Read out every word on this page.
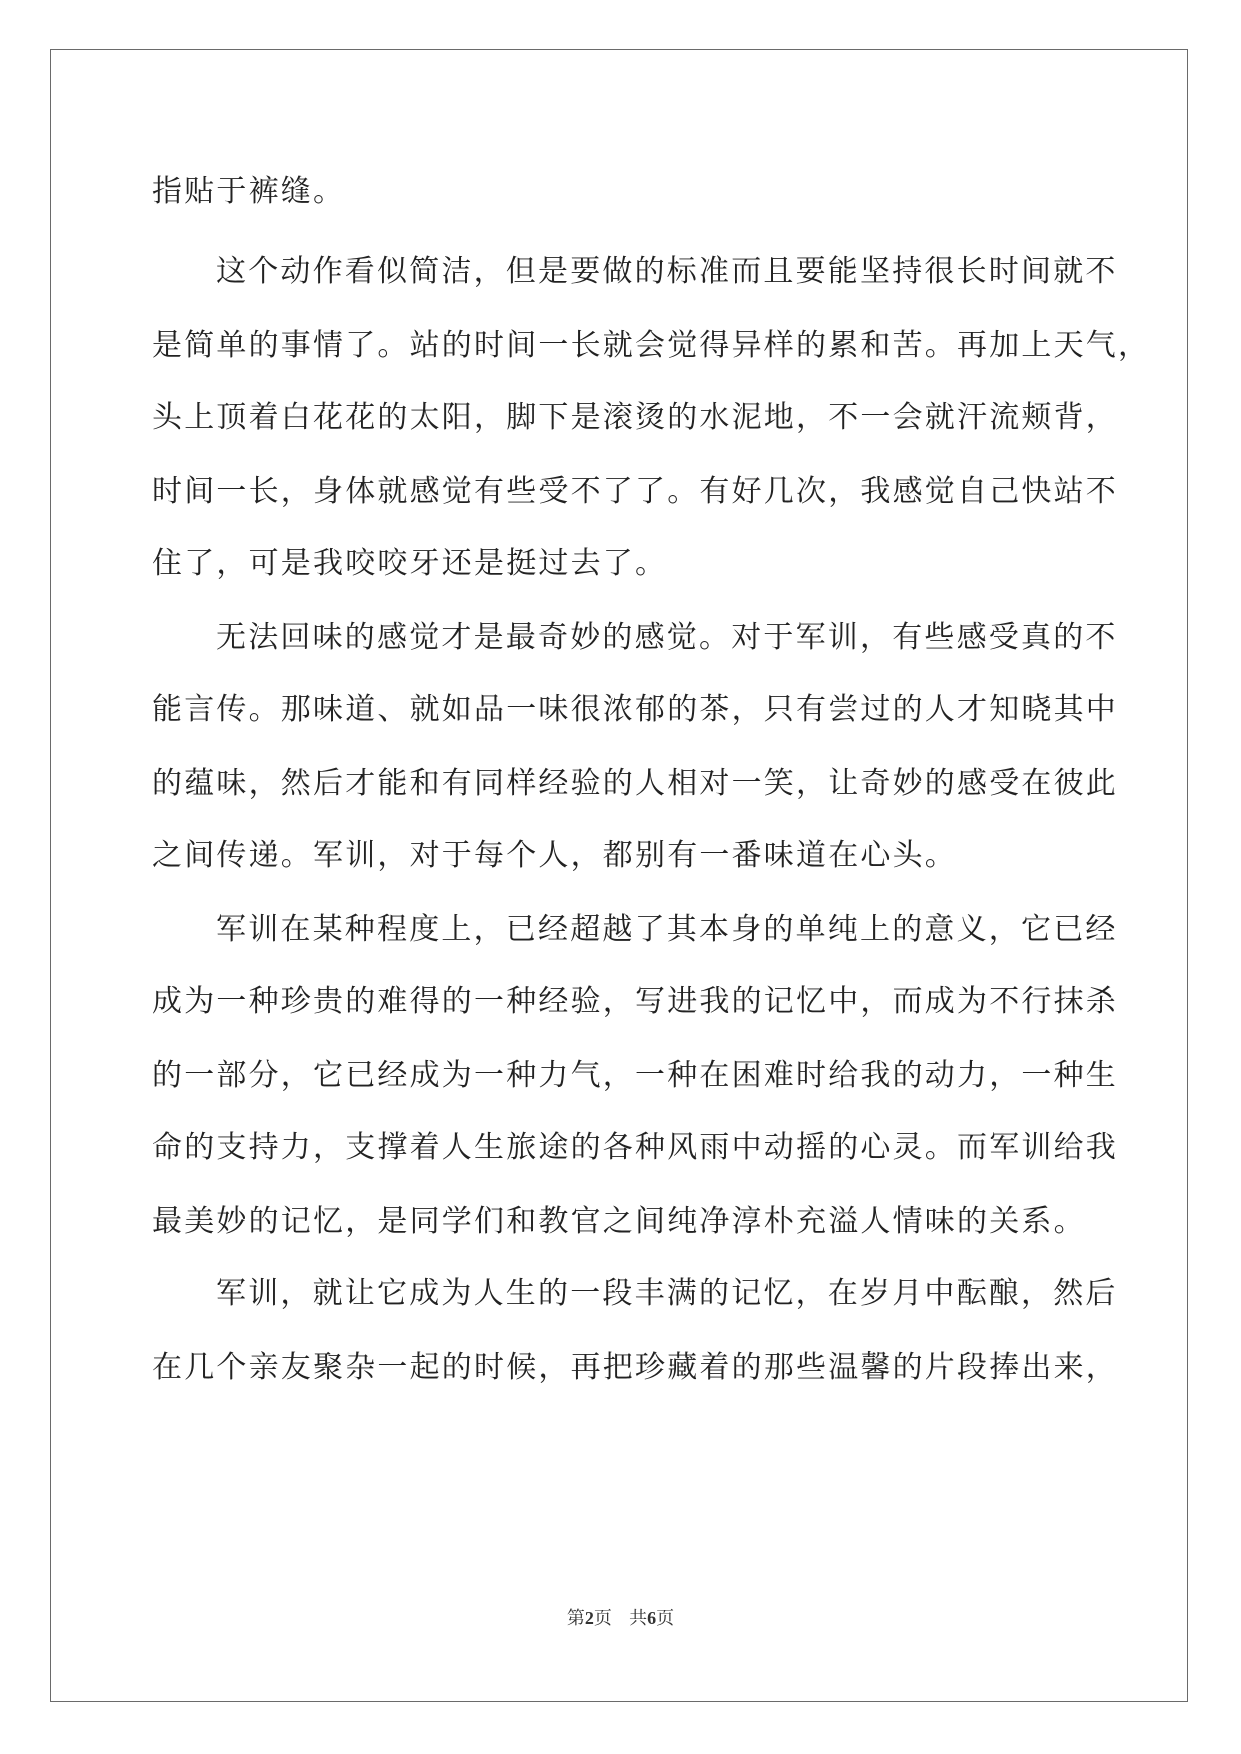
指贴于裤缝。
这个动作看似简洁，但是要做的标准而且要能坚持很长时间就不
是简单的事情了。站的时间一长就会觉得异样的累和苦。再加上天气，
头上顶着白花花的太阳，脚下是滚烫的水泥地，不一会就汗流颊背，
时间一长，身体就感觉有些受不了了。有好几次，我感觉自己快站不
住了，可是我咬咬牙还是挺过去了。
无法回味的感觉才是最奇妙的感觉。对于军训，有些感受真的不
能言传。那味道、就如品一味很浓郁的茶，只有尝过的人才知晓其中
的蕴味，然后才能和有同样经验的人相对一笑，让奇妙的感受在彼此
之间传递。军训，对于每个人，都别有一番味道在心头。
军训在某种程度上，已经超越了其本身的单纯上的意义，它已经
成为一种珍贵的难得的一种经验，写进我的记忆中，而成为不行抹杀
的一部分，它已经成为一种力气，一种在困难时给我的动力，一种生
命的支持力，支撑着人生旅途的各种风雨中动摇的心灵。而军训给我
最美妙的记忆，是同学们和教官之间纯净淳朴充溢人情味的关系。
军训，就让它成为人生的一段丰满的记忆，在岁月中酝酿，然后
在几个亲友聚杂一起的时候，再把珍藏着的那些温馨的片段捧出来，
第2页 共6页
